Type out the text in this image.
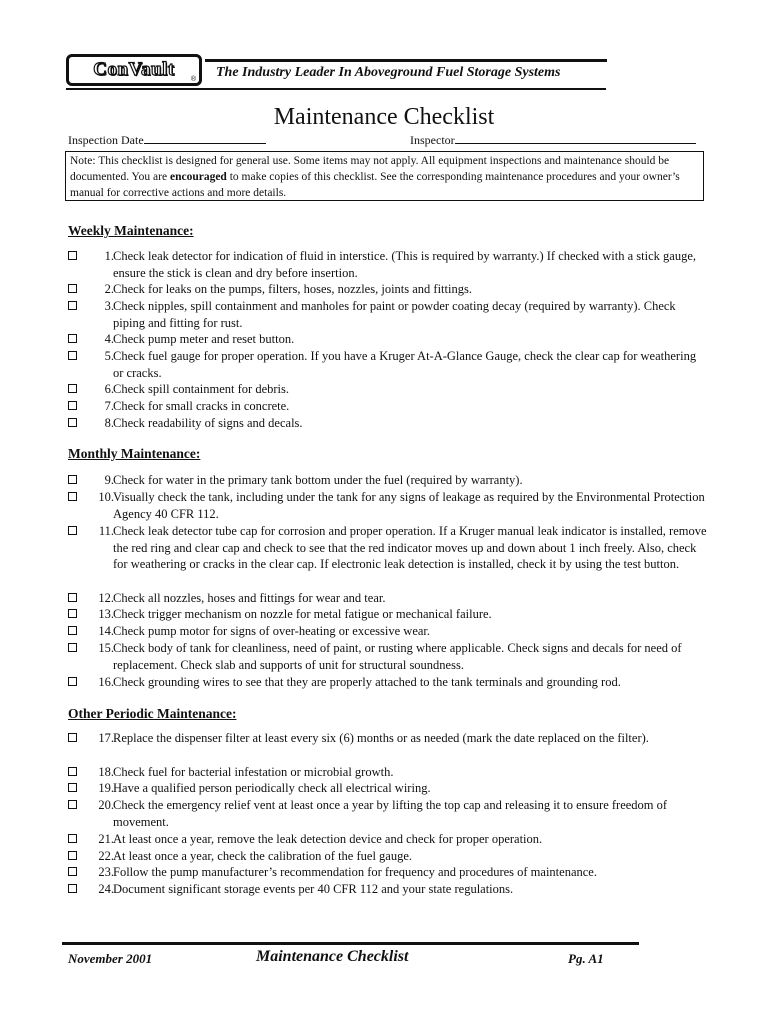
ConVault ® The Industry Leader In Aboveground Fuel Storage Systems
Maintenance Checklist
Inspection Date	Inspector
Note: This checklist is designed for general use. Some items may not apply. All equipment inspections and maintenance should be documented. You are encouraged to make copies of this checklist. See the corresponding maintenance procedures and your owner’s manual for corrective actions and more details.
Weekly Maintenance:
1. Check leak detector for indication of fluid in interstice. (This is required by warranty.) If checked with a stick gauge, ensure the stick is clean and dry before insertion.
2. Check for leaks on the pumps, filters, hoses, nozzles, joints and fittings.
3. Check nipples, spill containment and manholes for paint or powder coating decay (required by warranty). Check piping and fitting for rust.
4. Check pump meter and reset button.
5. Check fuel gauge for proper operation. If you have a Kruger At-A-Glance Gauge, check the clear cap for weathering or cracks.
6. Check spill containment for debris.
7. Check for small cracks in concrete.
8. Check readability of signs and decals.
Monthly Maintenance:
9. Check for water in the primary tank bottom under the fuel (required by warranty).
10. Visually check the tank, including under the tank for any signs of leakage as required by the Environmental Protection Agency 40 CFR 112.
11. Check leak detector tube cap for corrosion and proper operation. If a Kruger manual leak indicator is installed, remove the red ring and clear cap and check to see that the red indicator moves up and down about 1 inch freely. Also, check for weathering or cracks in the clear cap. If electronic leak detection is installed, check it by using the test button.
12. Check all nozzles, hoses and fittings for wear and tear.
13. Check trigger mechanism on nozzle for metal fatigue or mechanical failure.
14. Check pump motor for signs of over-heating or excessive wear.
15. Check body of tank for cleanliness, need of paint, or rusting where applicable. Check signs and decals for need of replacement. Check slab and supports of unit for structural soundness.
16. Check grounding wires to see that they are properly attached to the tank terminals and grounding rod.
Other Periodic Maintenance:
17. Replace the dispenser filter at least every six (6) months or as needed (mark the date replaced on the filter).
18. Check fuel for bacterial infestation or microbial growth.
19. Have a qualified person periodically check all electrical wiring.
20. Check the emergency relief vent at least once a year by lifting the top cap and releasing it to ensure freedom of movement.
21. At least once a year, remove the leak detection device and check for proper operation.
22. At least once a year, check the calibration of the fuel gauge.
23. Follow the pump manufacturer’s recommendation for frequency and procedures of maintenance.
24. Document significant storage events per 40 CFR 112 and your state regulations.
November 2001	Maintenance Checklist	Pg. A1
